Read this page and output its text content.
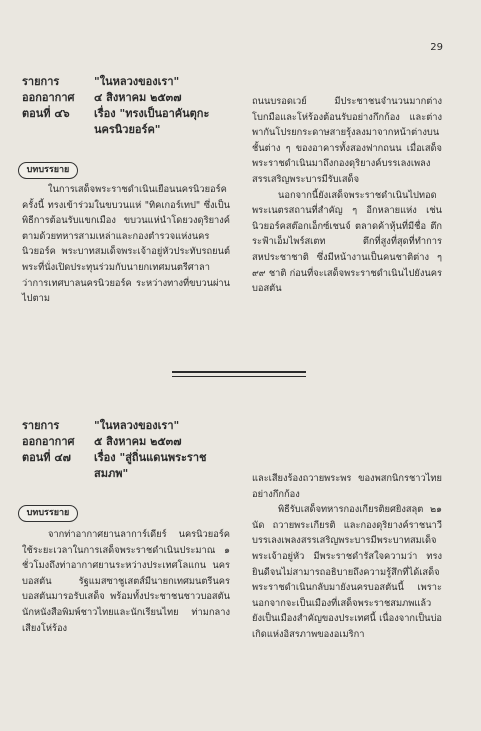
29
รายการ	"ในหลวงของเรา"
ออกอากาศ	๔ สิงหาคม ๒๕๓๗
ตอนที่ ๔๖	เรื่อง "ทรงเป็นอาคันตุกะ
นครนิวยอร์ค"
บทบรรยาย

ในการเสด็จพระราชดำเนินเยือนนครนิวยอร์คครั้งนี้ ทรงเข้าร่วมในขบวนแห่ "ทิคเกอร์เทป" ซึ่งเป็นพิธีการต้อนรับแขกเมือง ขบวนแห่นำโดยวงดุริยางค์ ตามด้วยทหารสามเหล่าและกองตำรวจแห่งนครนิวยอร์ค พระบาทสมเด็จพระเจ้าอยู่หัวประทับรถยนต์พระที่นั่งเปิดประทุนร่วมกับนายกเทศมนตรีศาลาว่าการเทศบาลนครนิวยอร์ค ระหว่างทางที่ขบวนผ่านไปตาม

ถนนบรอดเวย์ มีประชาชนจำนวนมากต่างโบกมือและโห่ร้องต้อนรับอย่างกึกก้อง และต่างพากันโปรยกระดาษสายรุ้งลงมาจากหน้าต่างบนชั้นต่าง ๆ ของอาคารทั้งสองฟากถนน เมื่อเสด็จพระราชดำเนินมาถึงกองดุริยางค์บรรเลงเพลงสรรเสริญพระบารมีรับเสด็จ

นอกจากนี้ยังเสด็จพระราชดำเนินไปทอดพระเนตรสถานที่สำคัญ ๆ อีกหลายแห่ง เช่น นิวยอร์คสต๊อกเอ็กซ์เชนจ์ ตลาดค้าหุ้นที่มีชื่อ ตึกระฟ้าเอ็มไพร์สเตท ตึกที่สูงที่สุดที่ทำการสหประชาชาติ ซึ่งมีหน้างานเป็นคนชาติต่าง ๆ ๙๙ ชาติ ก่อนที่จะเสด็จพระราชดำเนินไปยังนครบอสตัน

รายการ	"ในหลวงของเรา"
ออกอากาศ	๕ สิงหาคม ๒๕๓๗
ตอนที่ ๔๗	เรื่อง "สู่ถิ่นแดนพระราช
สมภพ"
บทบรรยาย

จากท่าอากาศยานลาการ์เดียร์ นครนิวยอร์คใช้ระยะเวลาในการเสด็จพระราชดำเนินประมาณ ๑ ชั่วโมงถึงท่าอากาศยานระหว่างประเทศโลแกน นครบอสตัน รัฐแมสซาชูเสตส์มีนายกเทศมนตรีนครบอสตันมารอรับเสด็จ พร้อมทั้งประชาชนชาวบอสตัน นักหนังสือพิมพ์ชาวไทยและนักเรียนไทย ท่ามกลางเสียงโห่ร้อง

และเสียงร้องถวายพระพร ของพสกนิกรชาวไทยอย่างกึกก้อง

พิธีรับเสด็จทหารกองเกียรติยศยิงสลุต ๒๑ นัด ถวายพระเกียรติ และกองดุริยางค์ราชนาวีบรรเลงเพลงสรรเสริญพระบารมีพระบาทสมเด็จพระเจ้าอยู่หัว มีพระราชดำรัสใจความว่า ทรงยินดีจนไม่สามารถอธิบายถึงความรู้สึกที่ได้เสด็จพระราชดำเนินกลับมายังนครบอสตันนี้ เพราะนอกจากจะเป็นเมืองที่เสด็จพระราชสมภพแล้ว ยังเป็นเมืองสำคัญของประเทศนี้ เนื่องจากเป็นบ่อเกิดแห่งอิสรภาพของอเมริกา
